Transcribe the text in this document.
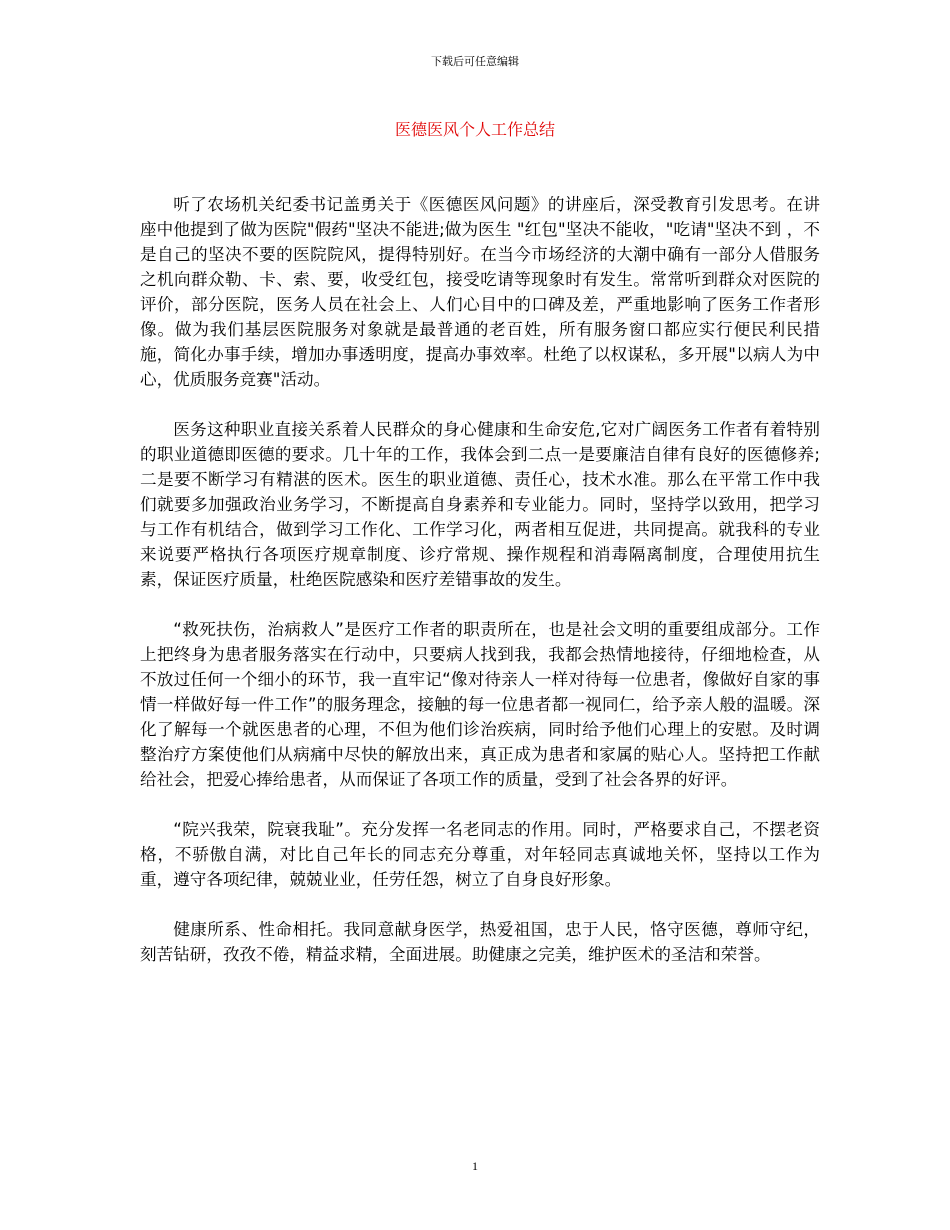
下载后可任意编辑
医德医风个人工作总结

听了农场机关纪委书记盖勇关于《医德医风问题》的讲座后，深受教育引发思考。在讲座中他提到了做为医院"假药"坚决不能进;做为医生 "红包"坚决不能收，"吃请"坚决不到 ，不是自己的坚决不要的医院院风，提得特别好。在当今市场经济的大潮中确有一部分人借服务之机向群众勒、卡、索、要，收受红包，接受吃请等现象时有发生。常常听到群众对医院的评价，部分医院，医务人员在社会上、人们心目中的口碑及差，严重地影响了医务工作者形像。做为我们基层医院服务对象就是最普通的老百姓，所有服务窗口都应实行便民利民措施，简化办事手续，增加办事透明度，提高办事效率。杜绝了以权谋私，多开展"以病人为中心，优质服务竞赛"活动。

医务这种职业直接关系着人民群众的身心健康和生命安危,它对广阔医务工作者有着特别的职业道德即医德的要求。几十年的工作，我体会到二点一是要廉洁自律有良好的医德修养;二是要不断学习有精湛的医术。医生的职业道德、责任心，技术水准。那么在平常工作中我们就要多加强政治业务学习，不断提高自身素养和专业能力。同时，坚持学以致用，把学习与工作有机结合，做到学习工作化、工作学习化，两者相互促进，共同提高。就我科的专业来说要严格执行各项医疗规章制度、诊疗常规、操作规程和消毒隔离制度，合理使用抗生素，保证医疗质量，杜绝医院感染和医疗差错事故的发生。

“救死扶伤，治病救人”是医疗工作者的职责所在，也是社会文明的重要组成部分。工作上把终身为患者服务落实在行动中，只要病人找到我，我都会热情地接待，仔细地检查，从不放过任何一个细小的环节，我一直牢记“像对待亲人一样对待每一位患者，像做好自家的事情一样做好每一件工作”的服务理念，接触的每一位患者都一视同仁，给予亲人般的温暖。深化了解每一个就医患者的心理，不但为他们诊治疾病，同时给予他们心理上的安慰。及时调整治疗方案使他们从病痛中尽快的解放出来，真正成为患者和家属的贴心人。坚持把工作献给社会，把爱心捧给患者，从而保证了各项工作的质量，受到了社会各界的好评。

“院兴我荣，院衰我耻”。充分发挥一名老同志的作用。同时，严格要求自己，不摆老资格，不骄傲自满，对比自己年长的同志充分尊重，对年轻同志真诚地关怀，坚持以工作为重，遵守各项纪律，兢兢业业，任劳任怨，树立了自身良好形象。

健康所系、性命相托。我同意献身医学，热爱祖国，忠于人民，恪守医德，尊师守纪，刻苦钻研，孜孜不倦，精益求精，全面进展。助健康之完美，维护医术的圣洁和荣誉。

1
